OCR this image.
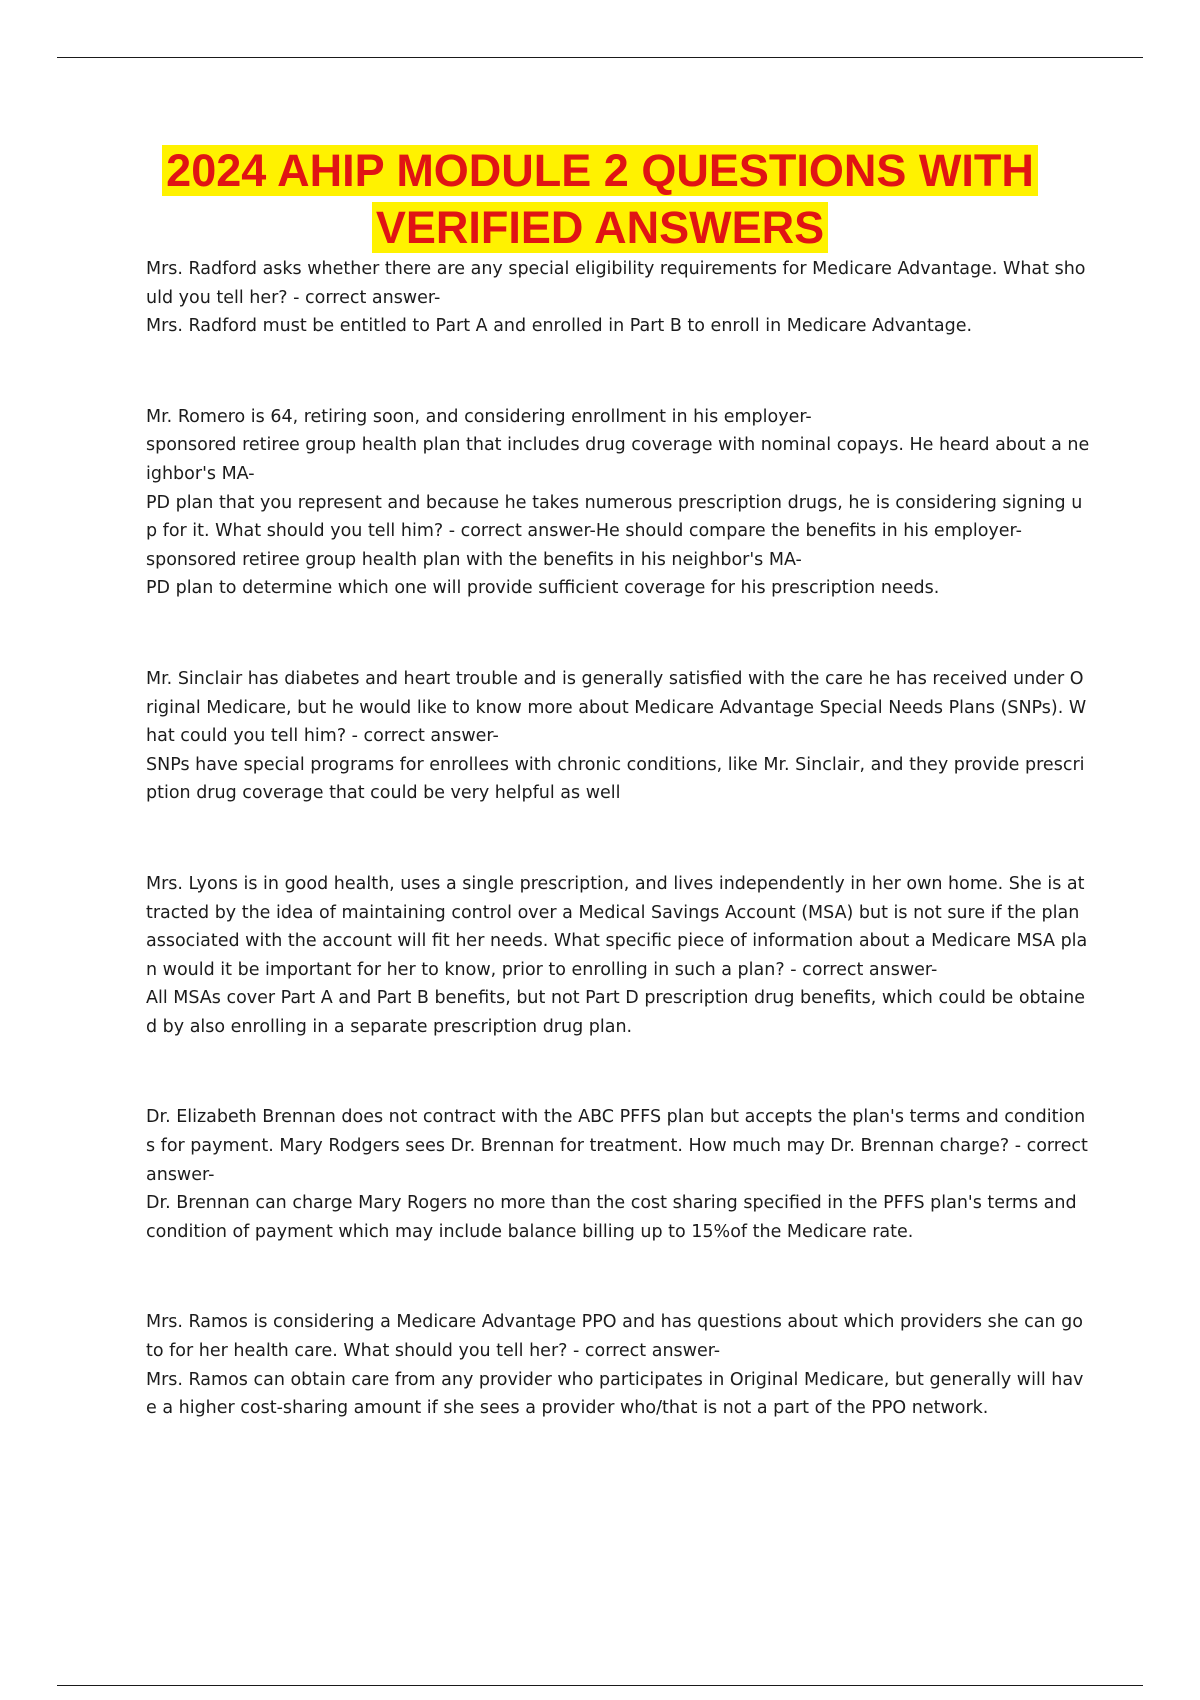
2024 AHIP MODULE 2 QUESTIONS WITH
VERIFIED ANSWERS

Mrs. Radford asks whether there are any special eligibility requirements for Medicare Advantage. What should you tell her? - correct answer-

Mrs. Radford must be entitled to Part A and enrolled in Part B to enroll in Medicare Advantage.

Mr. Romero is 64, retiring soon, and considering enrollment in his employer-
sponsored retiree group health plan that includes drug coverage with nominal copays. He heard about a neighbor's MA-
PD plan that you represent and because he takes numerous prescription drugs, he is considering signing up for it. What should you tell him? - correct answer-He should compare the benefits in his employer-
sponsored retiree group health plan with the benefits in his neighbor's MA-
PD plan to determine which one will provide sufficient coverage for his prescription needs.

Mr. Sinclair has diabetes and heart trouble and is generally satisfied with the care he has received under Original Medicare, but he would like to know more about Medicare Advantage Special Needs Plans (SNPs). What could you tell him? - correct answer-

SNPs have special programs for enrollees with chronic conditions, like Mr. Sinclair, and they provide prescription drug coverage that could be very helpful as well

Mrs. Lyons is in good health, uses a single prescription, and lives independently in her own home. She is attracted by the idea of maintaining control over a Medical Savings Account (MSA) but is not sure if the plan associated with the account will fit her needs. What specific piece of information about a Medicare MSA plan would it be important for her to know, prior to enrolling in such a plan? - correct answer-

All MSAs cover Part A and Part B benefits, but not Part D prescription drug benefits, which could be obtained by also enrolling in a separate prescription drug plan.

Dr. Elizabeth Brennan does not contract with the ABC PFFS plan but accepts the plan's terms and conditions for payment. Mary Rodgers sees Dr. Brennan for treatment. How much may Dr. Brennan charge? - correct answer-

Dr. Brennan can charge Mary Rogers no more than the cost sharing specified in the PFFS plan's terms and condition of payment which may include balance billing up to 15%of the Medicare rate.

Mrs. Ramos is considering a Medicare Advantage PPO and has questions about which providers she can go to for her health care. What should you tell her? - correct answer-

Mrs. Ramos can obtain care from any provider who participates in Original Medicare, but generally will have a higher cost-sharing amount if she sees a provider who/that is not a part of the PPO network.
